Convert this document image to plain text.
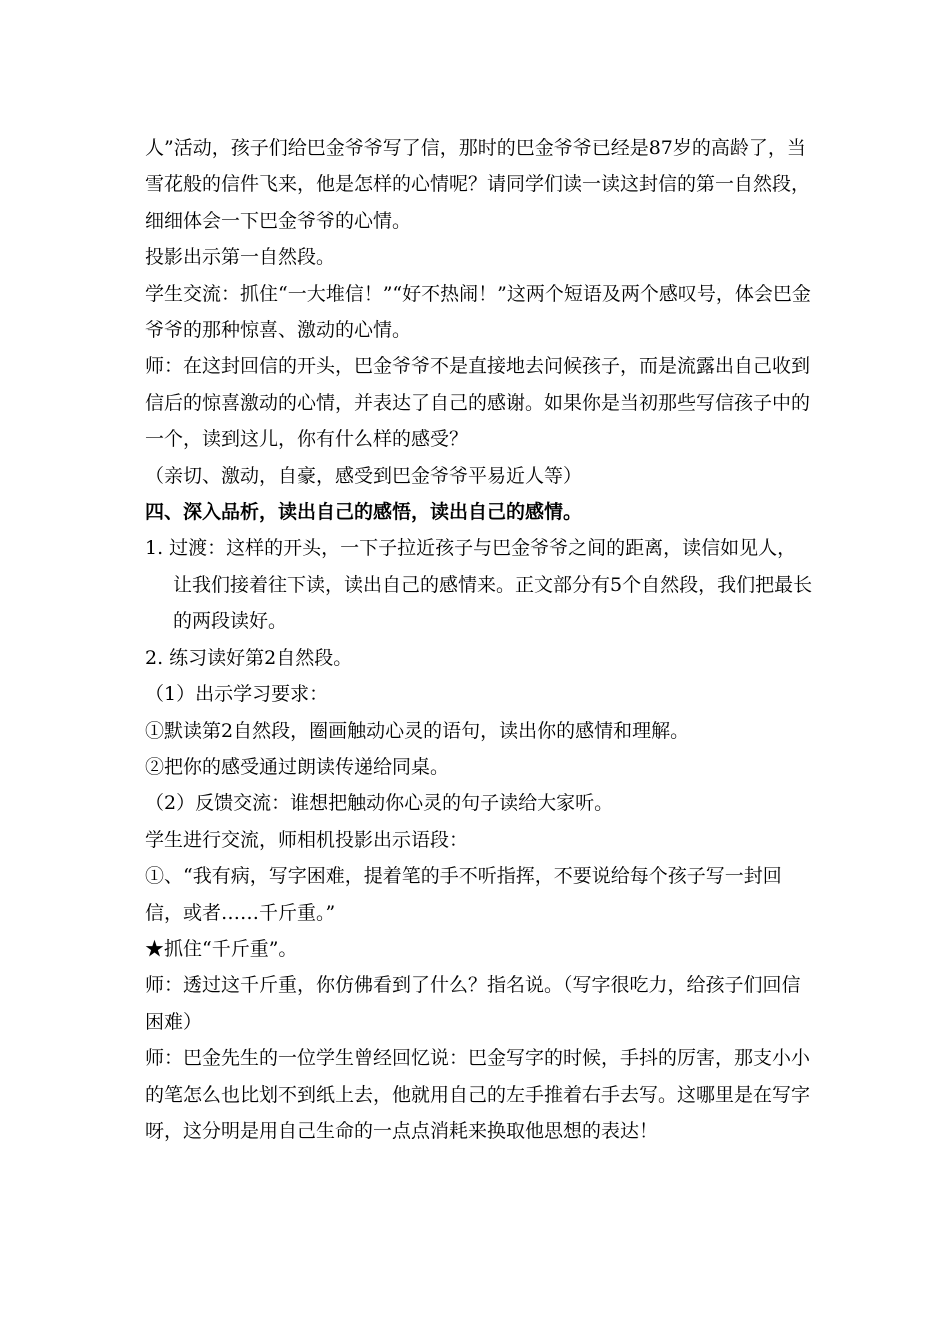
人”活动，孩子们给巴金爷爷写了信，那时的巴金爷爷已经是87岁的高龄了，当雪花般的信件飞来，他是怎样的心情呢？请同学们读一读这封信的第一自然段，细细体会一下巴金爷爷的心情。

投影出示第一自然段。

学生交流：抓住“一大堆信！”“好不热闹！”这两个短语及两个感叹号，体会巴金爷爷的那种惊喜、激动的心情。

师：在这封回信的开头，巴金爷爷不是直接地去问候孩子，而是流露出自己收到信后的惊喜激动的心情，并表达了自己的感谢。如果你是当初那些写信孩子中的一个，读到这儿，你有什么样的感受？

（亲切、激动，自豪，感受到巴金爷爷平易近人等）

四、深入品析，读出自己的感悟，读出自己的感情。

1. 过渡：这样的开头，一下子拉近孩子与巴金爷爷之间的距离，读信如见人，让我们接着往下读，读出自己的感情来。正文部分有5个自然段，我们把最长的两段读好。

2. 练习读好第2自然段。

（1）出示学习要求：

①默读第2自然段，圈画触动心灵的语句，读出你的感情和理解。

②把你的感受通过朗读传递给同桌。

（2）反馈交流：谁想把触动你心灵的句子读给大家听。

学生进行交流，师相机投影出示语段：

①、“我有病，写字困难，提着笔的手不听指挥，不要说给每个孩子写一封回信，或者……千斤重。”

★抓住“千斤重”。

师：透过这千斤重，你仿佛看到了什么？指名说。（写字很吃力，给孩子们回信困难）

师：巴金先生的一位学生曾经回忆说：巴金写字的时候，手抖的厉害，那支小小的笔怎么也比划不到纸上去，他就用自己的左手推着右手去写。这哪里是在写字呀，这分明是用自己生命的一点点消耗来换取他思想的表达！
